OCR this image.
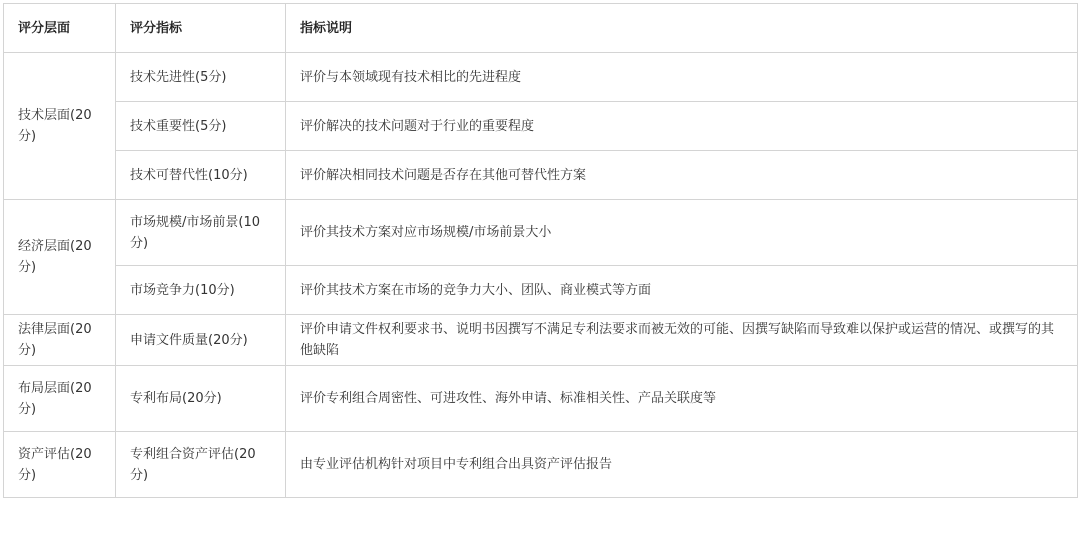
评分层面	评分指标	指标说明
技术层面(20分)	技术先进性(5分)	评价与本领域现有技术相比的先进程度
	技术重要性(5分)	评价解决的技术问题对于行业的重要程度
	技术可替代性(10分)	评价解决相同技术问题是否存在其他可替代性方案
经济层面(20分)	市场规模/市场前景(10分)	评价其技术方案对应市场规模/市场前景大小
	市场竞争力(10分)	评价其技术方案在市场的竞争力大小、团队、商业模式等方面
法律层面(20分)	申请文件质量(20分)	评价申请文件权利要求书、说明书因撰写不满足专利法要求而被无效的可能、因撰写缺陷而导致难以保护或运营的情况、或撰写的其他缺陷
布局层面(20分)	专利布局(20分)	评价专利组合周密性、可进攻性、海外申请、标准相关性、产品关联度等
资产评估(20分)	专利组合资产评估(20分)	由专业评估机构针对项目中专利组合出具资产评估报告
